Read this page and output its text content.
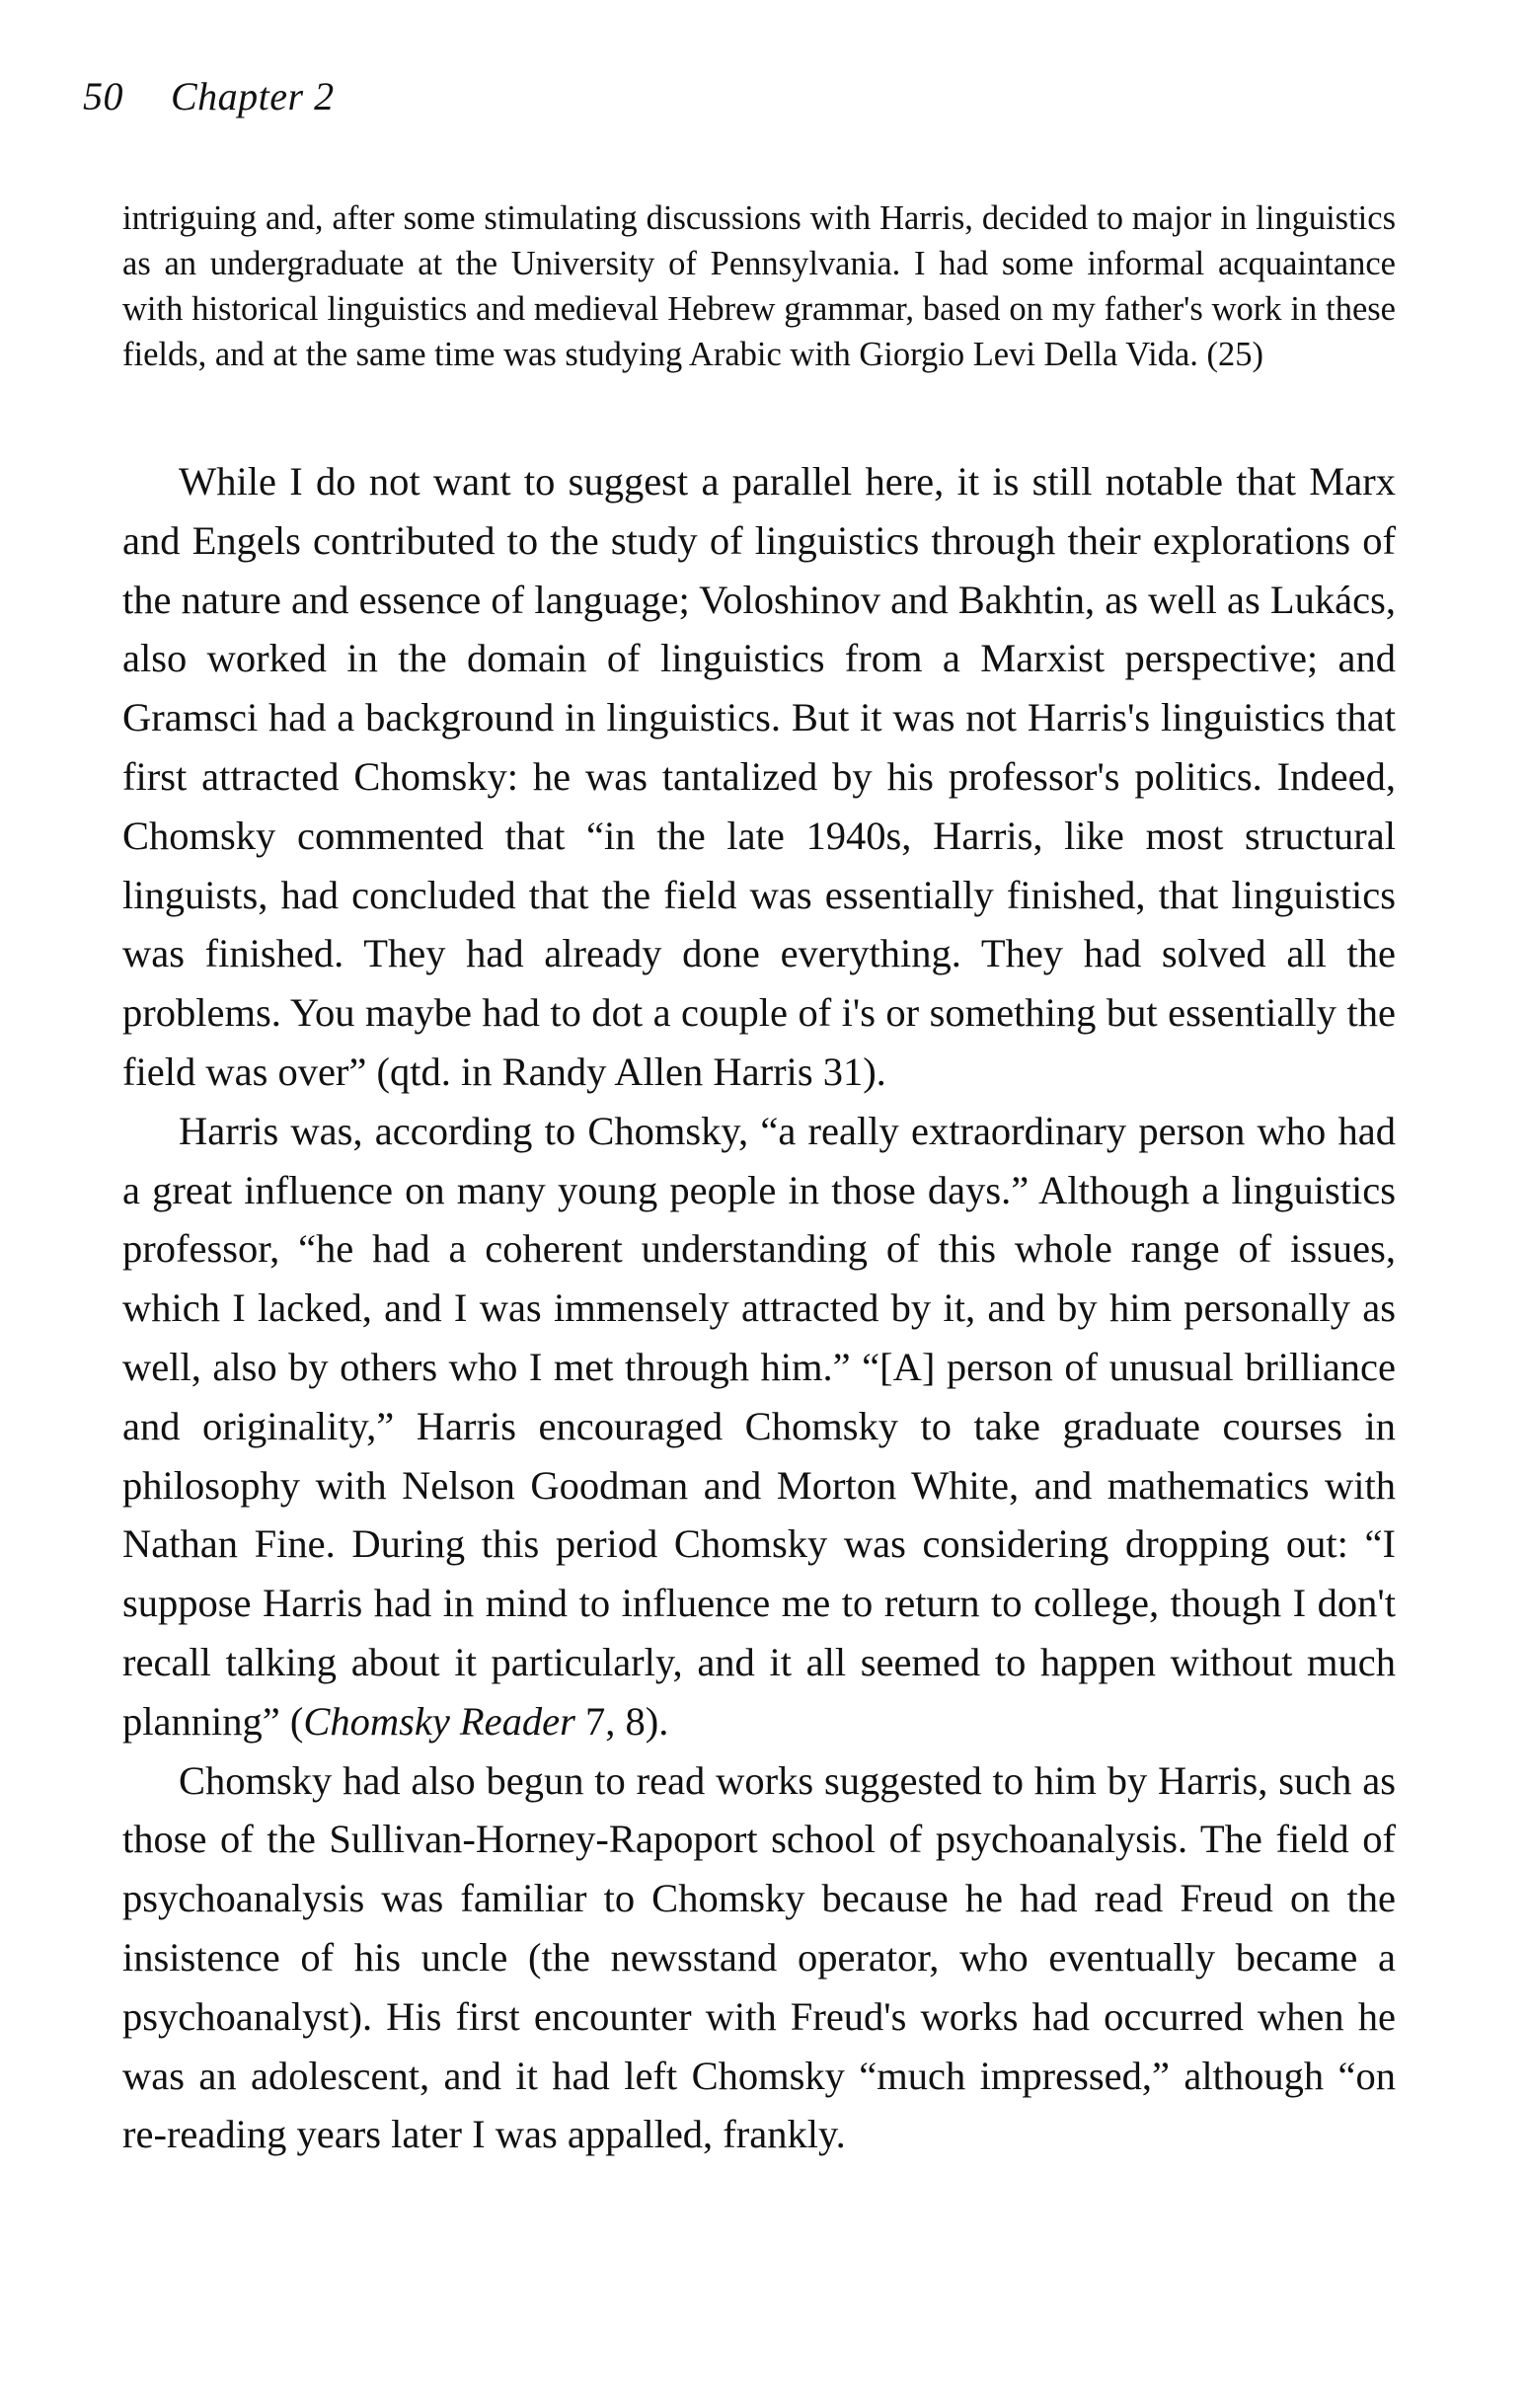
50 Chapter 2

intriguing and, after some stimulating discussions with Harris, decided to major in linguistics as an undergraduate at the University of Pennsylvania. I had some informal acquaintance with historical linguistics and medieval Hebrew grammar, based on my father's work in these fields, and at the same time was studying Arabic with Giorgio Levi Della Vida. (25)

While I do not want to suggest a parallel here, it is still notable that Marx and Engels contributed to the study of linguistics through their explorations of the nature and essence of language; Voloshinov and Bakhtin, as well as Lukács, also worked in the domain of linguistics from a Marxist perspective; and Gramsci had a background in linguistics. But it was not Harris's linguistics that first attracted Chomsky: he was tantalized by his professor's politics. Indeed, Chomsky commented that “in the late 1940s, Harris, like most structural linguists, had concluded that the field was essentially finished, that linguistics was finished. They had already done everything. They had solved all the problems. You maybe had to dot a couple of i's or something but essentially the field was over” (qtd. in Randy Allen Harris 31).

Harris was, according to Chomsky, “a really extraordinary person who had a great influence on many young people in those days.” Although a linguistics professor, “he had a coherent understanding of this whole range of issues, which I lacked, and I was immensely attracted by it, and by him personally as well, also by others who I met through him.” “[A] person of unusual brilliance and originality,” Harris encouraged Chomsky to take graduate courses in philosophy with Nelson Goodman and Morton White, and mathematics with Nathan Fine. During this period Chomsky was considering dropping out: “I suppose Harris had in mind to influence me to return to college, though I don't recall talking about it particularly, and it all seemed to happen without much planning” (Chomsky Reader 7, 8).

Chomsky had also begun to read works suggested to him by Harris, such as those of the Sullivan-Horney-Rapoport school of psychoanalysis. The field of psychoanalysis was familiar to Chomsky because he had read Freud on the insistence of his uncle (the newsstand operator, who eventually became a psychoanalyst). His first encounter with Freud's works had occurred when he was an adolescent, and it had left Chomsky “much impressed,” although “on re-reading years later I was appalled, frankly.
